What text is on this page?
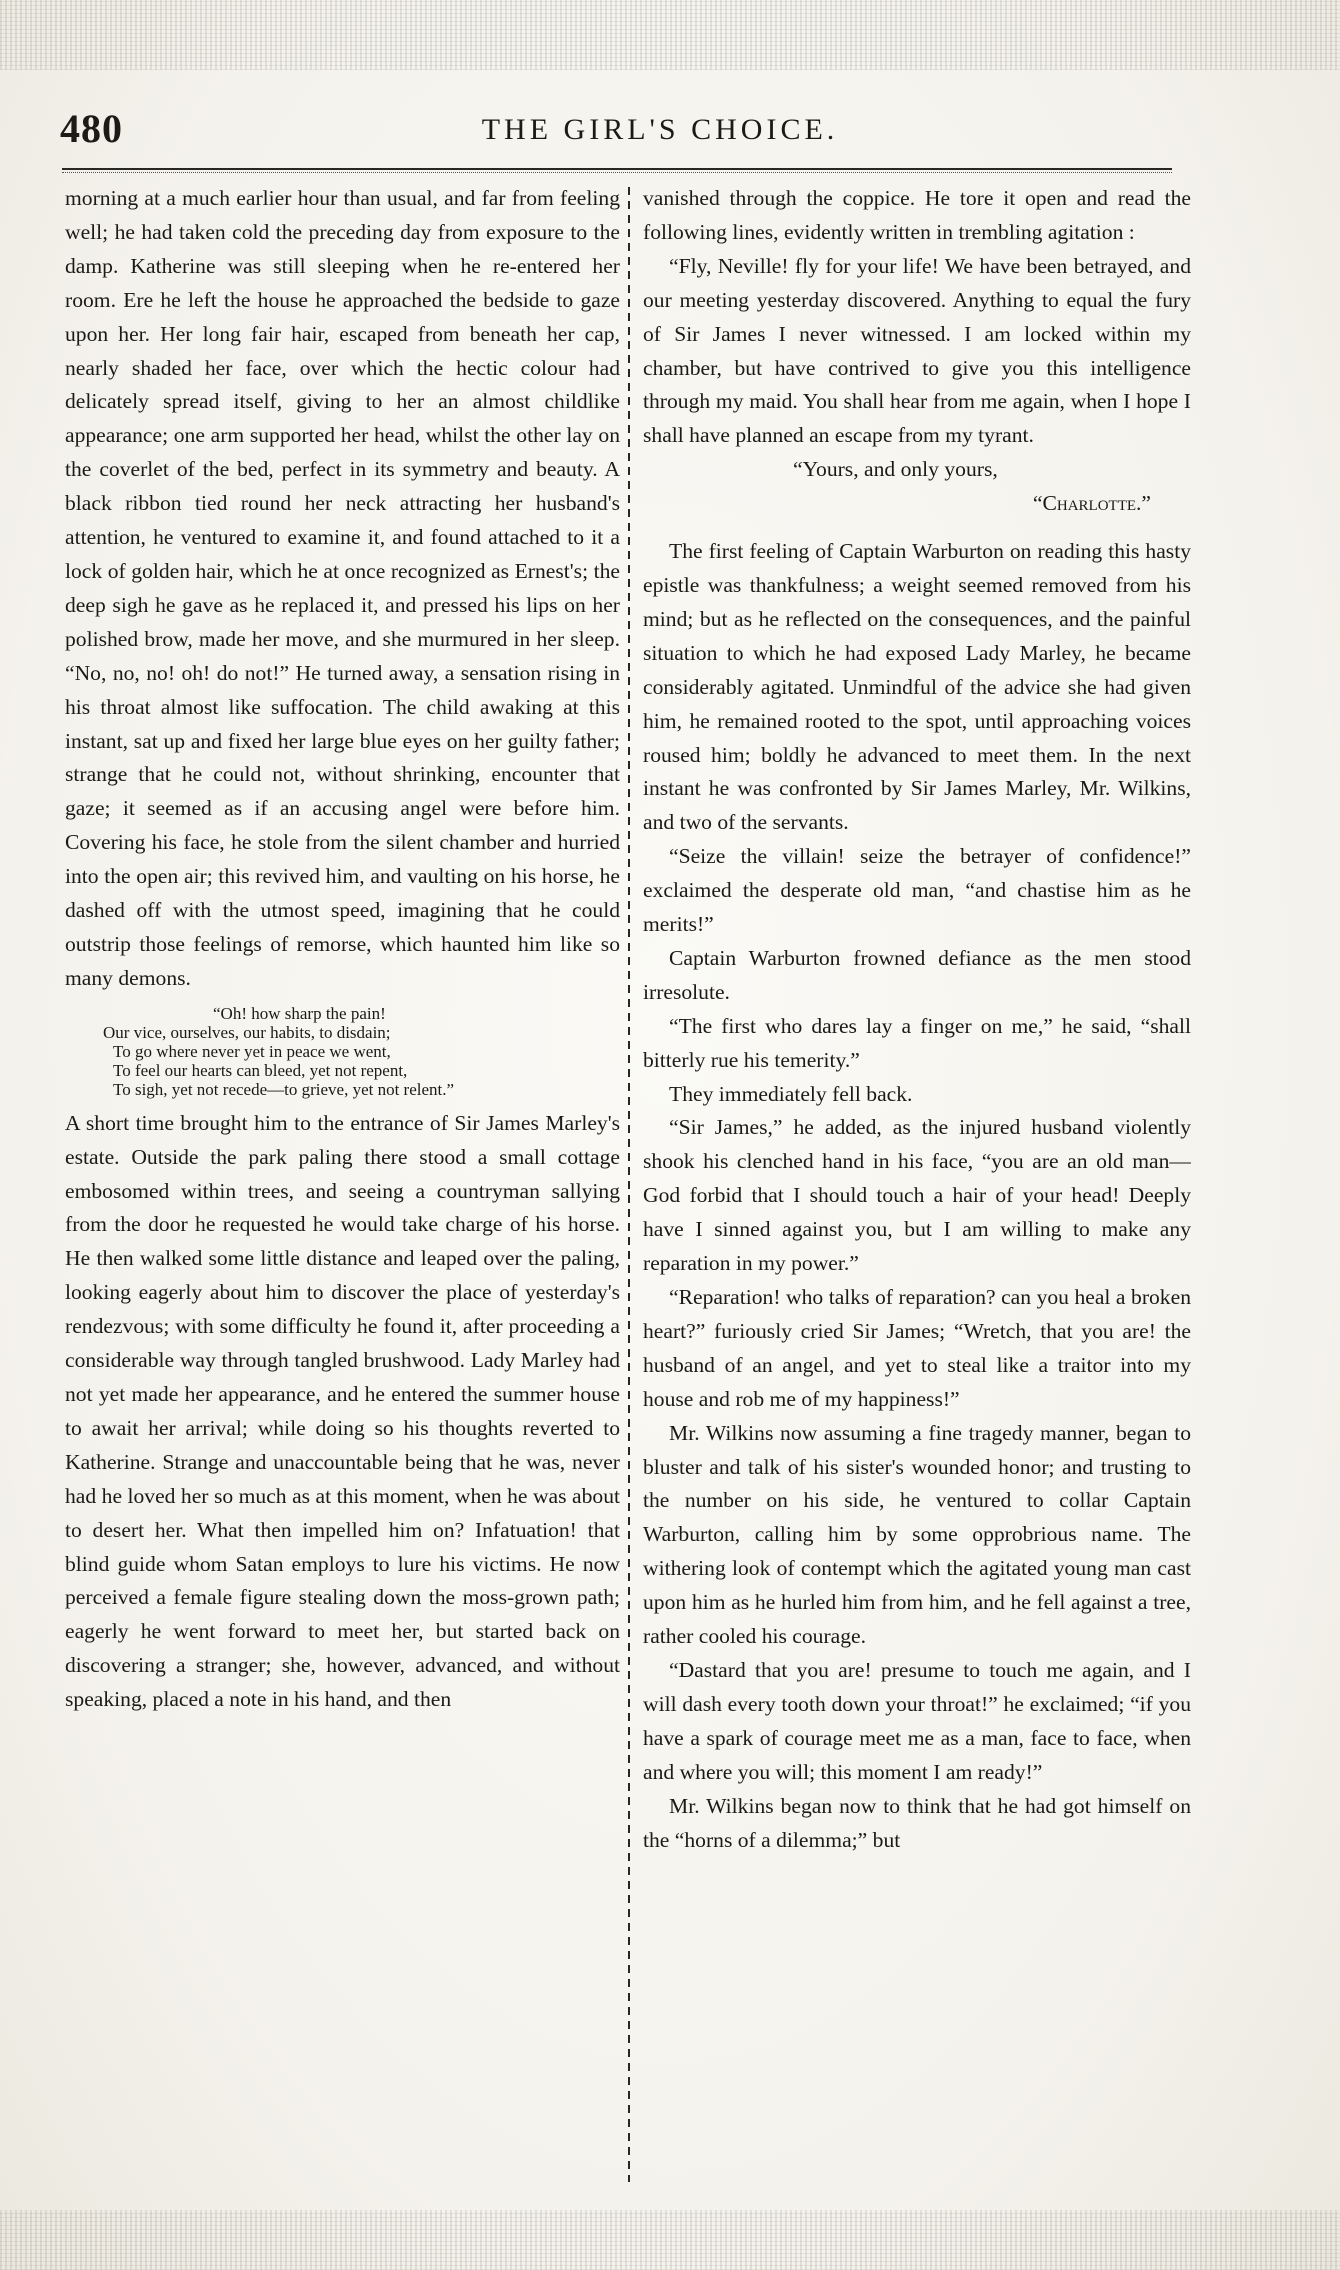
480	THE GIRL'S CHOICE.

morning at a much earlier hour than usual, and far from feeling well; he had taken cold the preceding day from exposure to the damp. Katherine was still sleeping when he re-entered her room. Ere he left the house he approached the bedside to gaze upon her. Her long fair hair, escaped from beneath her cap, nearly shaded her face, over which the hectic colour had delicately spread itself, giving to her an almost childlike appearance; one arm supported her head, whilst the other lay on the coverlet of the bed, perfect in its symmetry and beauty. A black ribbon tied round her neck attracting her husband's attention, he ventured to examine it, and found attached to it a lock of golden hair, which he at once recognized as Ernest's; the deep sigh he gave as he replaced it, and pressed his lips on her polished brow, made her move, and she murmured in her sleep. “No, no, no! oh! do not!” He turned away, a sensation rising in his throat almost like suffocation. The child awaking at this instant, sat up and fixed her large blue eyes on her guilty father; strange that he could not, without shrinking, encounter that gaze; it seemed as if an accusing angel were before him. Covering his face, he stole from the silent chamber and hurried into the open air; this revived him, and vaulting on his horse, he dashed off with the utmost speed, imagining that he could outstrip those feelings of remorse, which haunted him like so many demons.

“Oh! how sharp the pain!
Our vice, ourselves, our habits, to disdain;
To go where never yet in peace we went,
To feel our hearts can bleed, yet not repent,
To sigh, yet not recede—to grieve, yet not relent.”

A short time brought him to the entrance of Sir James Marley's estate. Outside the park paling there stood a small cottage embosomed within trees, and seeing a countryman sallying from the door he requested he would take charge of his horse. He then walked some little distance and leaped over the paling, looking eagerly about him to discover the place of yesterday's rendezvous; with some difficulty he found it, after proceeding a considerable way through tangled brushwood. Lady Marley had not yet made her appearance, and he entered the summer house to await her arrival; while doing so his thoughts reverted to Katherine. Strange and unaccountable being that he was, never had he loved her so much as at this moment, when he was about to desert her. What then impelled him on? Infatuation! that blind guide whom Satan employs to lure his victims. He now perceived a female figure stealing down the moss-grown path; eagerly he went forward to meet her, but started back on discovering a stranger; she, however, advanced, and without speaking, placed a note in his hand, and then

vanished through the coppice. He tore it open and read the following lines, evidently written in trembling agitation :

“Fly, Neville! fly for your life! We have been betrayed, and our meeting yesterday discovered. Anything to equal the fury of Sir James I never witnessed. I am locked within my chamber, but have contrived to give you this intelligence through my maid. You shall hear from me again, when I hope I shall have planned an escape from my tyrant.

“Yours, and only yours,

“Charlotte.”

The first feeling of Captain Warburton on reading this hasty epistle was thankfulness; a weight seemed removed from his mind; but as he reflected on the consequences, and the painful situation to which he had exposed Lady Marley, he became considerably agitated. Unmindful of the advice she had given him, he remained rooted to the spot, until approaching voices roused him; boldly he advanced to meet them. In the next instant he was confronted by Sir James Marley, Mr. Wilkins, and two of the servants.

“Seize the villain! seize the betrayer of confidence!” exclaimed the desperate old man, “and chastise him as he merits!”

Captain Warburton frowned defiance as the men stood irresolute.

“The first who dares lay a finger on me,” he said, “shall bitterly rue his temerity.”

They immediately fell back.

“Sir James,” he added, as the injured husband violently shook his clenched hand in his face, “you are an old man—God forbid that I should touch a hair of your head! Deeply have I sinned against you, but I am willing to make any reparation in my power.”

“Reparation! who talks of reparation? can you heal a broken heart?” furiously cried Sir James; “Wretch, that you are! the husband of an angel, and yet to steal like a traitor into my house and rob me of my happiness!”

Mr. Wilkins now assuming a fine tragedy manner, began to bluster and talk of his sister's wounded honor; and trusting to the number on his side, he ventured to collar Captain Warburton, calling him by some opprobrious name. The withering look of contempt which the agitated young man cast upon him as he hurled him from him, and he fell against a tree, rather cooled his courage.

“Dastard that you are! presume to touch me again, and I will dash every tooth down your throat!” he exclaimed; “if you have a spark of courage meet me as a man, face to face, when and where you will; this moment I am ready!”

Mr. Wilkins began now to think that he had got himself on the “horns of a dilemma;” but
